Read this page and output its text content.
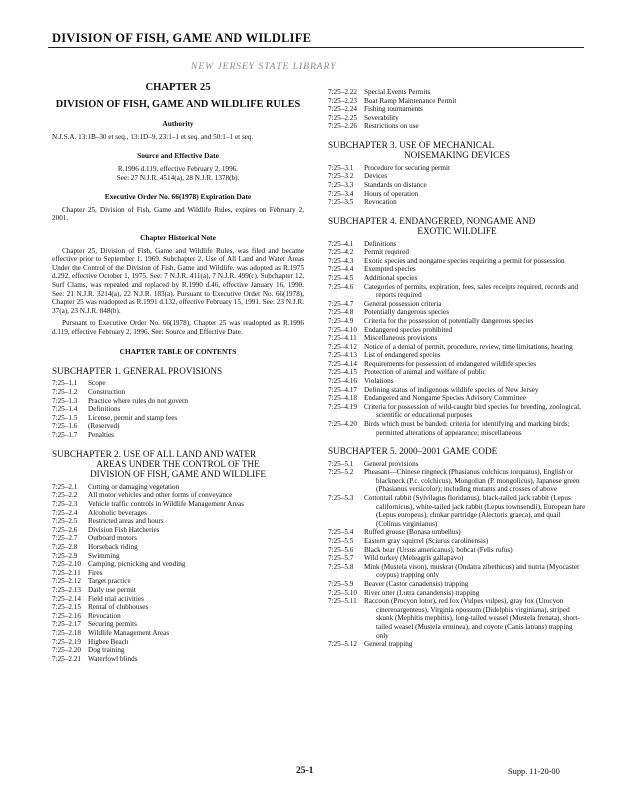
DIVISION OF FISH, GAME AND WILDLIFE
NEW JERSEY STATE LIBRARY
CHAPTER 25
DIVISION OF FISH, GAME AND WILDLIFE RULES
Authority

N.J.S.A. 13:1B–30 et seq., 13:1D–9, 23:1–1 et seq. and 50:1–1 et seq.

Source and Effective Date

R.1996 d.119, effective February 2, 1996.

See: 27 N.J.R. 4514(a), 28 N.J.R. 1378(b).

Executive Order No. 66(1978) Expiration Date

Chapter 25, Division of Fish, Game and Wildlife Rules, expires on February 2, 2001.

Chapter Historical Note

Chapter 25, Division of Fish, Game and Wildlife Rules, was filed and became effective prior to September 1, 1969. Subchapter 2, Use of All Land and Water Areas Under the Control of the Division of Fish, Game and Wildlife, was adopted as R.1975 d.292, effective October 1, 1975. See: 7 N.J.R. 411(a), 7 N.J.R. 499(c). Subchapter 12, Surf Clams, was repealed and replaced by R.1990 d.46, effective January 16, 1990. See: 21 N.J.R. 3214(a), 22 N.J.R. 183(a). Pursuant to Executive Order No. 66(1978), Chapter 25 was readopted as R.1991 d.132, effective February 15, 1991. See: 23 N.J.R. 37(a), 23 N.J.R. 848(b).

Pursuant to Executive Order No. 66(1978), Chapter 25 was readopted as R.1996 d.119, effective February 2, 1996. See: Source and Effective Date.

CHAPTER TABLE OF CONTENTS
SUBCHAPTER 1. GENERAL PROVISIONS
7:25–1.1	Scope
7:25–1.2	Construction
7:25–1.3	Practice where rules do not govern
7:25–1.4	Definitions
7:25–1.5	License, permit and stamp fees
7:25–1.6	(Reserved)
7:25–1.7	Penalties
SUBCHAPTER 2. USE OF ALL LAND AND WATER
AREAS UNDER THE CONTROL OF THE
DIVISION OF FISH, GAME AND WILDLIFE
7:25–2.1	Cutting or damaging vegetation
7:25–2.2	All motor vehicles and other forms of conveyance
7:25–2.3	Vehicle traffic controls in Wildlife Management Areas
7:25–2.4	Alcoholic beverages
7:25–2.5	Restricted areas and hours
7:25–2.6	Division Fish Hatcheries
7:25–2.7	Outboard motors
7:25–2.8	Horseback riding
7:25–2.9	Swimming
7:25–2.10 Camping, picnicking and vending
7:25–2.11	Fires
7:25–2.12 Target practice
7:25–2.13 Daily use permit
7:25–2.14 Field trial activities
7:25–2.15 Rental of clubhouses
7:25–2.16 Revocation
7:25–2.17 Securing permits
7:25–2.18 Wildlife Management Areas
7:25–2.19 Higbee Beach
7:25–2.20 Dog training
7:25–2.21 Waterfowl blinds
7:25–2.22 Special Events Permits
7:25–2.23 Boat Ramp Maintenance Permit
7:25–2.24 Fishing tournaments
7:25–2.25 Severability
7:25–2.26 Restrictions on use
SUBCHAPTER 3. USE OF MECHANICAL
NOISEMAKING DEVICES
7:25–3.1	Procedure for securing permit
7:25–3.2	Devices
7:25–3.3	Standards on distance
7:25–3.4	Hours of operation
7:25–3.5	Revocation
SUBCHAPTER 4. ENDANGERED, NONGAME AND
EXOTIC WILDLIFE
7:25–4.1	Definitions
7:25–4.2	Permit required
7:25–4.3	Exotic species and nongame species requiring a permit for possession
7:25–4.4	Exempted species
7:25–4.5	Additional species
7:25–4.6	Categories of permits, expiration, fees, sales receipts required, records and reports required
7:25–4.7	General possession criteria
7:25–4.8	Potentially dangerous species
7:25–4.9	Criteria for the possession of potentially dangerous species
7:25–4.10 Endangered species prohibited
7:25–4.11	Miscellaneous provisions
7:25–4.12 Notice of a denial of permit, procedure, review, time limitations, hearing
7:25–4.13 List of endangered species
7:25–4.14 Requirements for possession of endangered wildlife species
7:25–4.15 Protection of animal and welfare of public
7:25–4.16 Violations
7:25–4.17 Defining status of indigenous wildlife species of New Jersey
7:25–4.18 Endangered and Nongame Species Advisory Committee
7:25–4.19 Criteria for possession of wild-caught bird species for breeding, zoological, scientific or educational purposes
7:25–4.20 Birds which must be banded; criteria for identifying and marking birds; permitted alterations of appearance; miscellaneous
SUBCHAPTER 5. 2000–2001 GAME CODE
7:25–5.1	General provisions
7:25–5.2	Pheasant—Chinese ringneck (Phasianus colchicus torquatus), English or blackneck (P.c. colchicus), Mongolian (P. mongolicus), Japanese green (Phasianus versicolor); including mutants and crosses of above
7:25–5.3	Cottontail rabbit (Sylvilagus floridanus), black-tailed jack rabbit (Lepus californicus), white-tailed jack rabbit (Lepus townsendii), European hare (Lepus europeus), chukar partridge (Alectoris graeca), and quail (Colinus virginianus)
7:25–5.4	Ruffed grouse (Bonasa umbellus)
7:25–5.5	Eastern gray squirrel (Sciurus carolinensis)
7:25–5.6	Black bear (Ursus americanus), bobcat (Felis rufus)
7:25–5.7	Wild turkey (Meleagris gallapavo)
7:25–5.8	Mink (Mustela vison), muskrat (Ondatra zibethicus) and nutria (Myocaster coypus) trapping only
7:25–5.9	Beaver (Castor canadensis) trapping
7:25–5.10 River otter (Lutra canandensis) trapping
7:25–5.11	Raccoon (Procyon lotor), red fox (Vulpes vulpes), gray fox (Urocyon cinereoargenteus), Virginia opossum (Didelphis virginiana), striped skunk (Mephitis mephitis), long-tailed weasel (Mustela frenata), short-tailed weasel (Mustela erminea), and coyote (Canis latrans) trapping only
7:25–5.12 General trapping
25-1	Supp. 11-20-00
